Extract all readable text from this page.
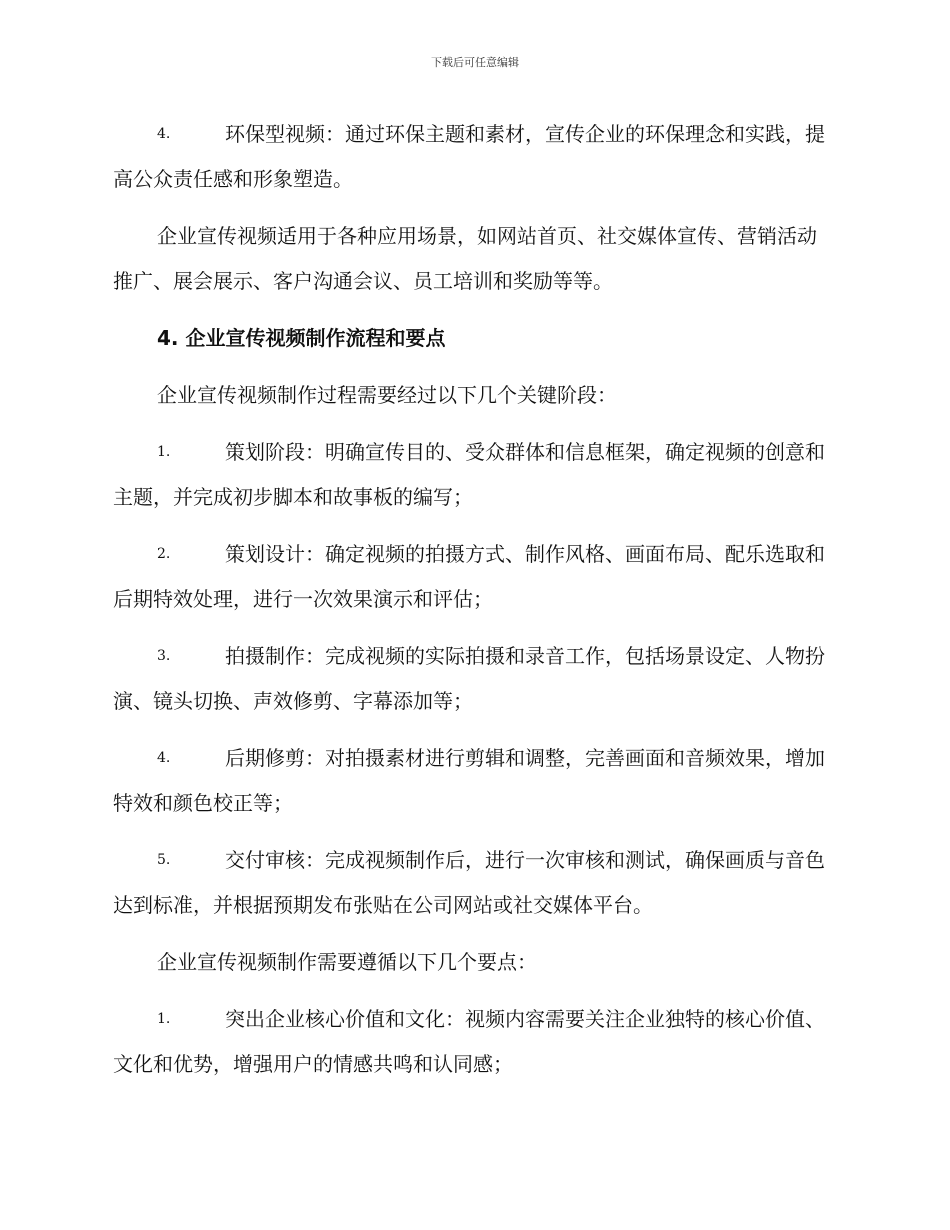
下载后可任意编辑

4.	环保型视频：通过环保主题和素材，宣传企业的环保理念和实践，提高公众责任感和形象塑造。

企业宣传视频适用于各种应用场景，如网站首页、社交媒体宣传、营销活动推广、展会展示、客户沟通会议、员工培训和奖励等等。

4. 企业宣传视频制作流程和要点

企业宣传视频制作过程需要经过以下几个关键阶段：

1.	策划阶段：明确宣传目的、受众群体和信息框架，确定视频的创意和主题，并完成初步脚本和故事板的编写；

2.	策划设计：确定视频的拍摄方式、制作风格、画面布局、配乐选取和后期特效处理，进行一次效果演示和评估；

3.	拍摄制作：完成视频的实际拍摄和录音工作，包括场景设定、人物扮演、镜头切换、声效修剪、字幕添加等；

4.	后期修剪：对拍摄素材进行剪辑和调整，完善画面和音频效果，增加特效和颜色校正等；

5.	交付审核：完成视频制作后，进行一次审核和测试，确保画质与音色达到标准，并根据预期发布张贴在公司网站或社交媒体平台。

企业宣传视频制作需要遵循以下几个要点：

1.	突出企业核心价值和文化：视频内容需要关注企业独特的核心价值、文化和优势，增强用户的情感共鸣和认同感；
